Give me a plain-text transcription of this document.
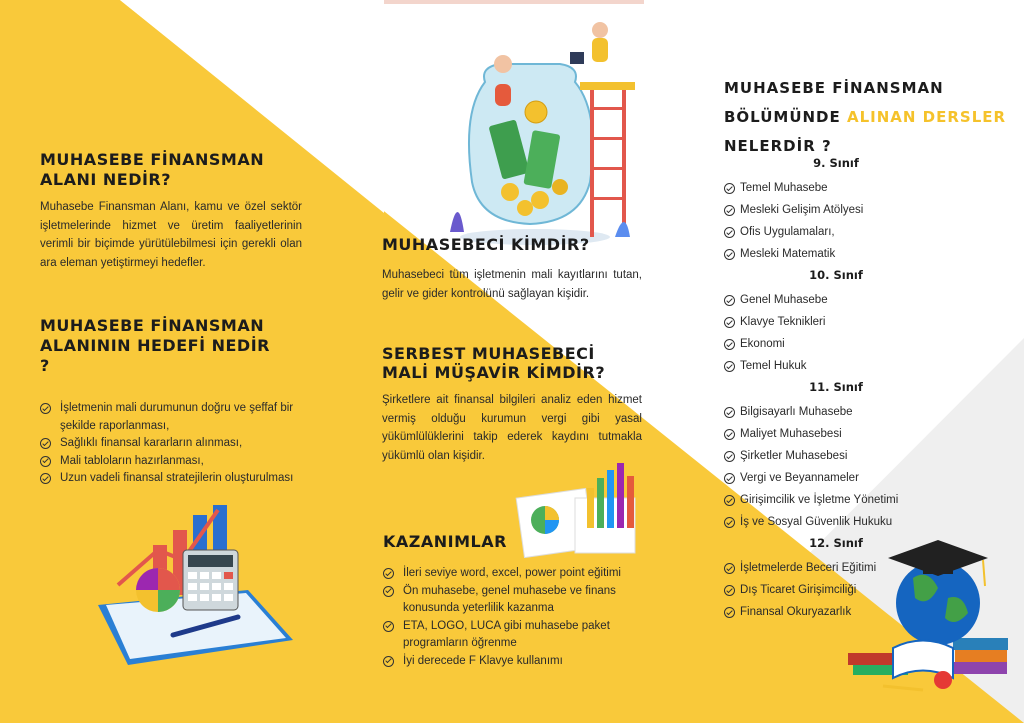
MUHASEBE FİNANSMAN ALANI NEDİR?

Muhasebe Finansman Alanı, kamu ve özel sektör işletmelerinde hizmet ve üretim faaliyetlerinin verimli bir biçimde yürütülebilmesi için gerekli olan ara eleman yetiştirmeyi hedefler.

MUHASEBE FİNANSMAN ALANININ HEDEFİ NEDİR ?
İşletmenin mali durumunun doğru ve şeffaf bir şekilde raporlanması,
Sağlıklı finansal kararların alınması,
Mali tabloların hazırlanması,
Uzun vadeli finansal stratejilerin oluşturulması
MUHASEBECİ KİMDİR?

Muhasebeci tüm işletmenin mali kayıtlarını tutan, gelir ve gider kontrolünü sağlayan kişidir.

SERBEST MUHASEBECİ MALİ MÜŞAVİR KİMDİR?

Şirketlere ait finansal bilgileri analiz eden hizmet vermiş olduğu kurumun vergi gibi yasal yükümlülüklerini takip ederek kaydını tutmakla yükümlü olan kişidir.

KAZANIMLAR
İleri seviye word, excel, power point eğitimi
Ön muhasebe, genel muhasebe ve finans konusunda yeterlilik kazanma
ETA, LOGO, LUCA gibi muhasebe paket programların öğrenme
İyi derecede F Klavye kullanımı
MUHASEBE FİNANSMAN
BÖLÜMÜNDE ALINAN DERSLER
NELERDİR ?
9. Sınıf
Temel Muhasebe
Mesleki Gelişim Atölyesi
Ofis Uygulamaları,
Mesleki Matematik
10. Sınıf
Genel Muhasebe
Klavye Teknikleri
Ekonomi
Temel Hukuk
11. Sınıf
Bilgisayarlı Muhasebe
Maliyet Muhasebesi
Şirketler Muhasebesi
Vergi ve Beyannameler
Girişimcilik ve İşletme Yönetimi
İş ve Sosyal Güvenlik Hukuku
12. Sınıf
İşletmelerde Beceri Eğitimi
Dış Ticaret Girişimciliği
Finansal Okuryazarlık
